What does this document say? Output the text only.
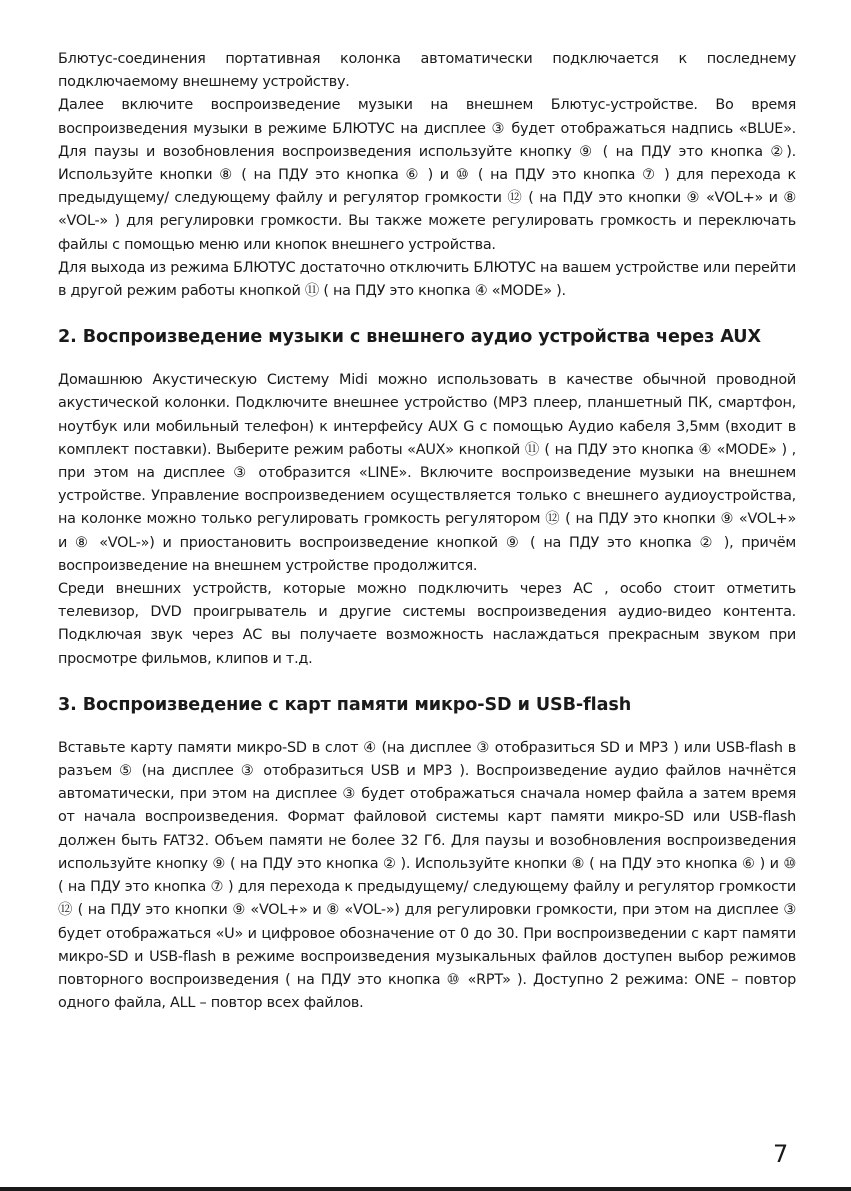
Блютус-соединения портативная колонка автоматически подключается к последнему подключаемому внешнему устройству.

Далее включите воспроизведение музыки на внешнем Блютус-устройстве. Во время воспроизведения музыки в режиме БЛЮТУС на дисплее ③ будет отображаться надпись «BLUE». Для паузы и возобновления воспроизведения используйте кнопку ⑨ ( на ПДУ это кнопка ②). Используйте кнопки ⑧ ( на ПДУ это кнопка ⑥ ) и ⑩ ( на ПДУ это кнопка ⑦ ) для перехода к предыдущему/ следующему файлу и регулятор громкости ⑫ ( на ПДУ это кнопки ⑨ «VOL+» и ⑧ «VOL-» ) для регулировки громкости. Вы также можете регулировать громкость и переключать файлы с помощью меню или кнопок внешнего устройства.

Для выхода из режима БЛЮТУС достаточно отключить БЛЮТУС на вашем устройстве или перейти в другой режим работы кнопкой ⑪ ( на ПДУ это кнопка ④ «MODE» ).

2. Воспроизведение музыки с внешнего аудио устройства через AUX

Домашнюю Акустическую Систему Midi можно использовать в качестве обычной проводной акустической колонки. Подключите внешнее устройство (MP3 плеер, планшетный ПК, смартфон, ноутбук или мобильный телефон) к интерфейсу AUX G с помощью Аудио кабеля 3,5мм (входит в комплект поставки). Выберите режим работы «AUX» кнопкой ⑪ ( на ПДУ это кнопка ④ «MODE» ) , при этом на дисплее ③ отобразится «LINE». Включите воспроизведение музыки на внешнем устройстве. Управление воспроизведением осуществляется только с внешнего аудиоустройства, на колонке можно только регулировать громкость регулятором ⑫ ( на ПДУ это кнопки ⑨ «VOL+» и ⑧ «VOL-») и приостановить воспроизведение кнопкой ⑨ ( на ПДУ это кнопка ② ), причём воспроизведение на внешнем устройстве продолжится.

Среди внешних устройств, которые можно подключить через АС , особо стоит отметить телевизор, DVD проигрыватель и другие системы воспроизведения аудио-видео контента. Подключая звук через АС вы получаете возможность наслаждаться прекрасным звуком при просмотре фильмов, клипов и т.д.

3. Воспроизведение с карт памяти микро-SD и USB-flash

Вставьте карту памяти микро-SD в слот ④ (на дисплее ③ отобразиться SD и MP3 ) или USB-flash в разъем ⑤ (на дисплее ③ отобразиться USB и MP3 ). Воспроизведение аудио файлов начнётся автоматически, при этом на дисплее ③ будет отображаться сначала номер файла а затем время от начала воспроизведения. Формат файловой системы карт памяти микро-SD или USB-flash должен быть FAT32. Объем памяти не более 32 Гб. Для паузы и возобновления воспроизведения используйте кнопку ⑨ ( на ПДУ это кнопка ② ). Используйте кнопки ⑧ ( на ПДУ это кнопка ⑥ ) и ⑩ ( на ПДУ это кнопка ⑦ ) для перехода к предыдущему/ следующему файлу и регулятор громкости ⑫ ( на ПДУ это кнопки ⑨ «VOL+» и ⑧ «VOL-») для регулировки громкости, при этом на дисплее ③ будет отображаться «U» и цифровое обозначение от 0 до 30. При воспроизведении с карт памяти микро-SD и USB-flash в режиме воспроизведения музыкальных файлов доступен выбор режимов повторного воспроизведения ( на ПДУ это кнопка ⑩ «RPT» ). Доступно 2 режима: ONE – повтор одного файла, ALL – повтор всех файлов.

7
